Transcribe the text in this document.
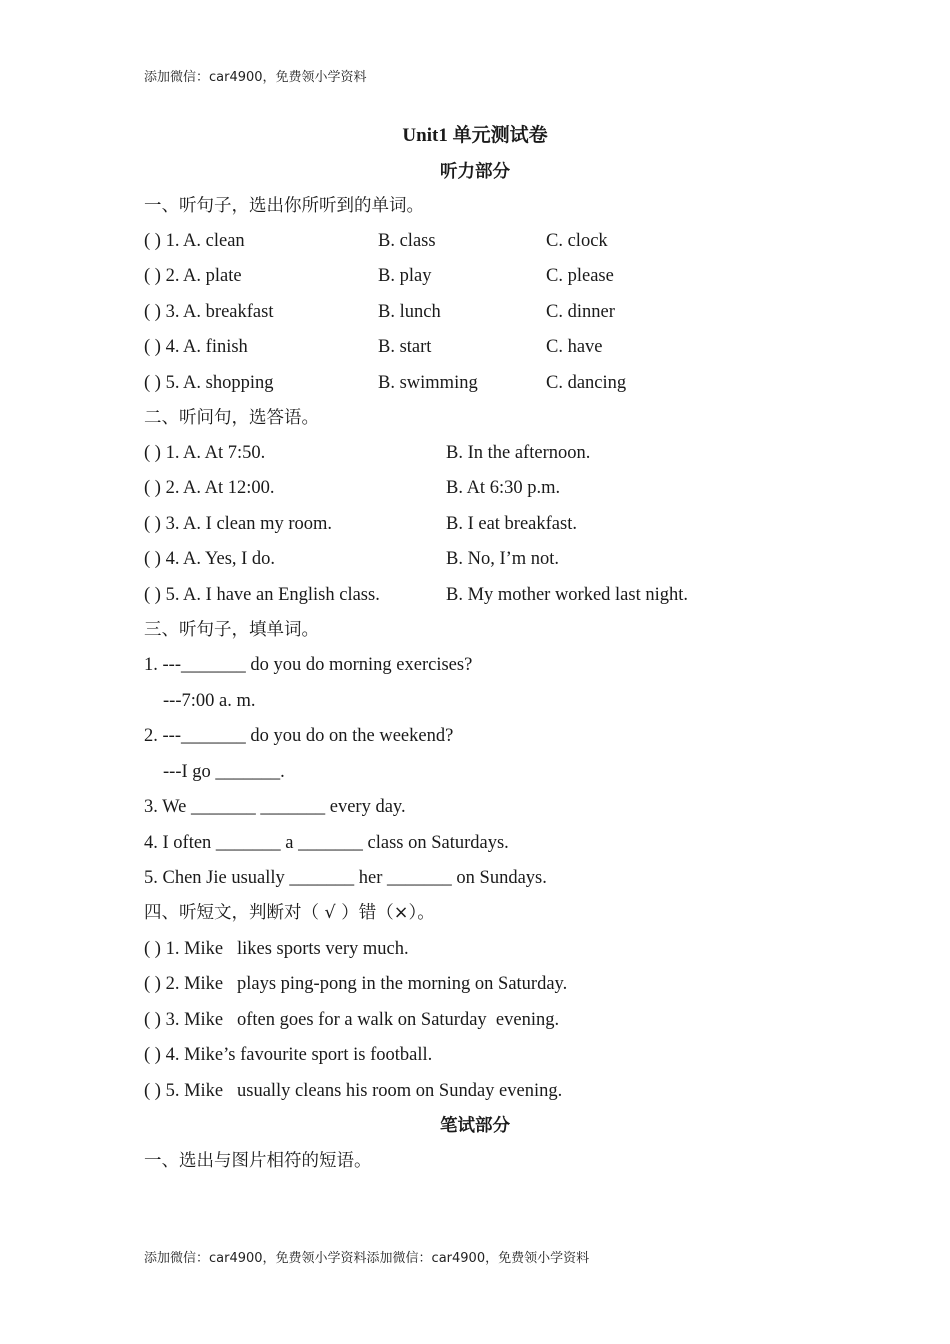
添加微信：car4900，免费领小学资料
Unit1 单元测试卷
听力部分
一、听句子，选出你所听到的单词。
( ) 1. A. clean	B. class	C. clock
( ) 2. A. plate	B. play	C. please
( ) 3. A. breakfast	B. lunch	C. dinner
( ) 4. A. finish	B. start	C. have
( ) 5. A. shopping	B. swimming	C. dancing
二、听问句，选答语。
( ) 1. A. At 7:50.	B. In the afternoon.
( ) 2. A. At 12:00.	B. At 6:30 p.m.
( ) 3. A. I clean my room.	B. I eat breakfast.
( ) 4. A. Yes, I do.	B. No, I’m not.
( ) 5. A. I have an English class.	B. My mother worked last night.
三、听句子，填单词。
1. ---_______ do you do morning exercises?
---7:00 a. m.
2. ---_______ do you do on the weekend?
---I go _______.
3. We _______ _______ every day.
4. I often _______ a _______ class on Saturdays.
5. Chen Jie usually _______ her _______ on Sundays.
四、听短文，判断对（ √ ）错（×）。
( ) 1. Mike   likes sports very much.
( ) 2. Mike   plays ping-pong in the morning on Saturday.
( ) 3. Mike   often goes for a walk on Saturday  evening.
( ) 4. Mike’s favourite sport is football.
( ) 5. Mike   usually cleans his room on Sunday evening.
笔试部分
一、选出与图片相符的短语。
添加微信：car4900，免费领小学资料添加微信：car4900，免费领小学资料
